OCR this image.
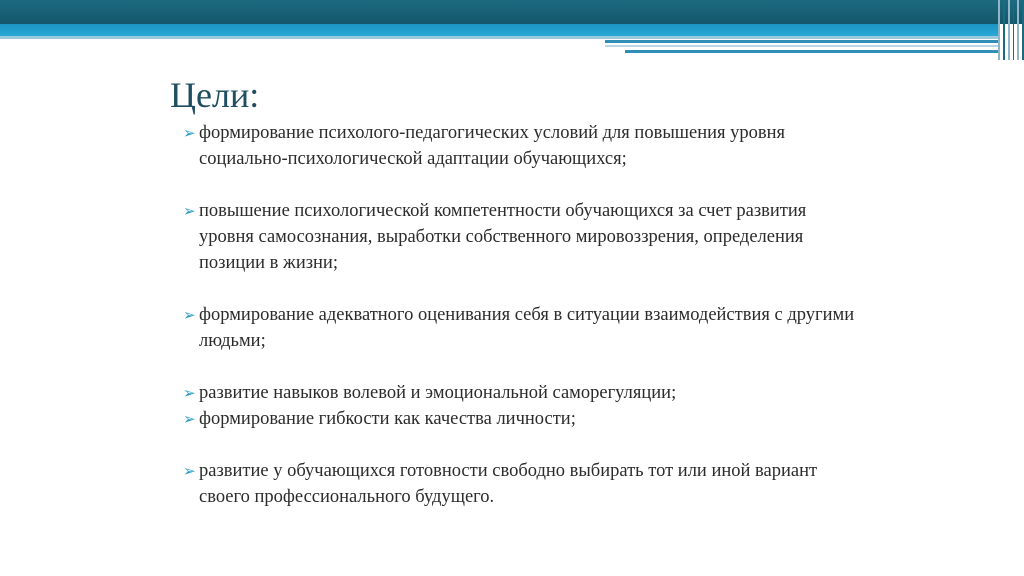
Цели:
➢ формирование психолого-педагогических условий для повышения уровня социально-психологической адаптации обучающихся;
➢ повышение психологической компетентности обучающихся за счет развития уровня самосознания, выработки собственного мировоззрения, определения позиции в жизни;
➢ формирование адекватного оценивания себя в ситуации взаимодействия с другими людьми;
➢ развитие навыков волевой и эмоциональной саморегуляции;
➢ формирование гибкости как качества личности;
➢ развитие у обучающихся готовности свободно выбирать тот или иной вариант своего профессионального будущего.
